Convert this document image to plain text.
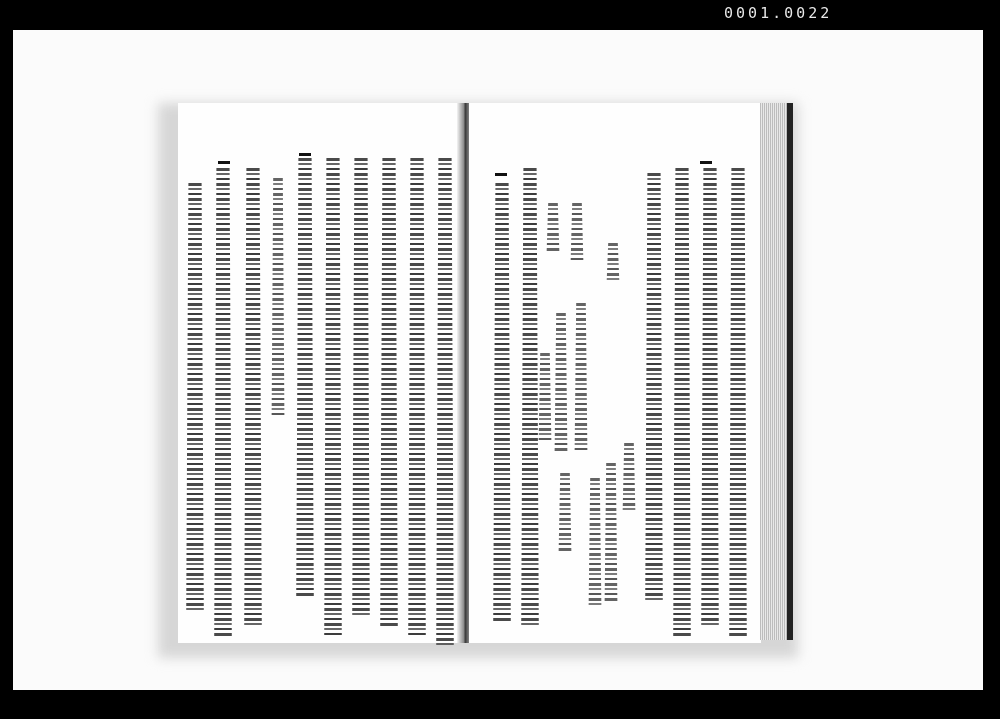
0001.0022
